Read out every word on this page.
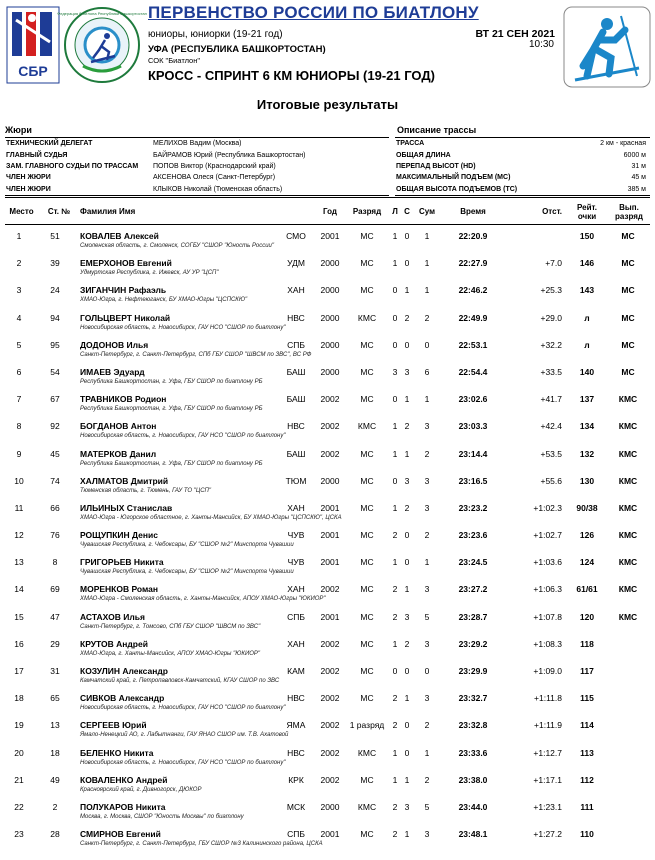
СБР
Федерация биатлона Республики Башкортостан ПЕРВЕНСТВО РОССИИ ПО БИАТЛОНУ
юниоры, юниорки (19-21 год)	ВТ 21 СЕН 2021
10:30
УФА (РЕСПУБЛИКА БАШКОРТОСТАН)
СОК "Биатлон"
КРОСС - СПРИНТ 6 КМ ЮНИОРЫ (19-21 ГОД)
Итоговые результаты
Жюри
ТЕХНИЧЕСКИЙ ДЕЛЕГАТ	МЕЛИХОВ Вадим (Москва)
ГЛАВНЫЙ СУДЬЯ	БАЙРАМОВ Юрий (Республика Башкортостан)
ЗАМ. ГЛАВНОГО СУДЬИ ПО ТРАССАМ	ПОПОВ Виктор (Краснодарский край)
ЧЛЕН ЖЮРИ	АКСЕНОВА Олеся (Санкт-Петербург)
ЧЛЕН ЖЮРИ	КЛЫКОВ Николай (Тюменская область)
Описание трассы
ТРАССА	2 км - красная
ОБЩАЯ ДЛИНА	6000 м
ПЕРЕПАД ВЫСОТ (HD)	31 м
МАКСИМАЛЬНЫЙ ПОДЪЕМ (MC)	45 м
ОБЩАЯ ВЫСОТА ПОДЪЕМОВ (TC)	385 м
Место	Ст. №	Фамилия Имя	Год	Разряд	Л С	Сум	Время	Отст.	Рейт. очки
Вып. разряд
1	51	КОВАЛЕВ Алексей
Смоленская область, г. Смоленск, СОГБУ "СШОР "Юность России"
СМО	2001	МС	1 0	1	22:20.9	150	МС
2	39	ЕМЕРХОНОВ Евгений
Удмуртская Республика, г. Ижевск, АУ УР "ЦСП"
УДМ	2000	МС	1 0	1	22:27.9	+7.0	146	МС
3	24	ЗИГАНЧИН Рафаэль
ХМАО-Югра, г. Нефтеюганск, БУ ХМАО-Югры "ЦСПСКЮ"
ХАН	2000	МС	0 1	1	22:46.2	+25.3	143	МС
4	94	ГОЛЬЦВЕРТ Николай
Новосибирская область, г. Новосибирск, ГАУ НСО "СШОР по биатлону"
НВС	2000	КМС	0 2	2	22:49.9	+29.0	л	МС
5	95	ДОДОНОВ Илья
Санкт-Петербург, г. Санкт-Петербург, СПб ГБУ СШОР "ШВСМ по ЗВС", ВС РФ
СПБ	2000	МС	0 0	0	22:53.1	+32.2	л	МС
6	54	ИМАЕВ Эдуард
Республика Башкортостан, г. Уфа, ГБУ СШОР по биатлону РБ
БАШ	2000	МС	3 3	6	22:54.4	+33.5	140	МС
7	67	ТРАВНИКОВ Родион
Республика Башкортостан, г. Уфа, ГБУ СШОР по биатлону РБ
БАШ	2002	МС	0 1	1	23:02.6	+41.7	137	КМС
8	92	БОГДАНОВ Антон
Новосибирская область, г. Новосибирск, ГАУ НСО "СШОР по биатлону"
НВС	2002	КМС	1 2	3	23:03.3	+42.4	134	КМС
9	45	МАТЕРКОВ Данил
Республика Башкортостан, г. Уфа, ГБУ СШОР по биатлону РБ
БАШ	2002	МС	1 1	2	23:14.4	+53.5	132	КМС
10	74	ХАЛМАТОВ Дмитрий
Тюменская область, г. Тюмень, ГАУ ТО "ЦСП"
ТЮМ	2000	МС	0 3	3	23:16.5	+55.6	130	КМС
11	66	ИЛЬИНЫХ Станислав
ХМАО-Югра - Югорское областное, г. Ханты-Мансийск, БУ ХМАО-Югры "ЦСПСКЮ", ЦСКА
ХАН	2001	МС	1 2	3	23:23.2	+1:02.3	90/38	КМС
12	76	РОЩУПКИН Денис
Чувашская Республика, г. Чебоксары, БУ "СШОР №2" Минспорта Чувашии
ЧУВ	2001	МС	2 0	2	23:23.6	+1:02.7	126	КМС
13	8	ГРИГОРЬЕВ Никита
Чувашская Республика, г. Чебоксары, БУ "СШОР №2" Минспорта Чувашии
ЧУВ	2001	МС	1 0	1	23:24.5	+1:03.6	124	КМС
14	69	МОРЕНКОВ Роман
ХМАО-Югра - Смоленская область, г. Ханты-Мансийск, АПОУ ХМАО-Югры "ЮКИОР"
ХАН	2002	МС	2 1	3	23:27.2	+1:06.3	61/61	КМС
15	47	АСТАХОВ Илья
Санкт-Петербург, г. Томсово, СПб ГБУ СШОР "ШВСМ по ЗВС"
СПБ	2001	МС	2 3	5	23:28.7	+1:07.8	120	КМС
16	29	КРУТОВ Андрей
ХМАО-Югра, г. Ханты-Мансийск, АПОУ ХМАО-Югры "ЮКИОР"
ХАН	2002	МС	1 2	3	23:29.2	+1:08.3	118
17	31	КОЗУЛИН Александр
Камчатский край, г. Петропавловск-Камчатский, КГАУ СШОР по ЗВС
КАМ	2002	МС	0 0	0	23:29.9	+1:09.0	117
18	65	СИВКОВ Александр
Новосибирская область, г. Новосибирск, ГАУ НСО "СШОР по биатлону"
НВС	2002	МС	2 1	3	23:32.7	+1:11.8	115
19	13	СЕРГЕЕВ Юрий
Ямало-Ненецкий АО, г. Лабытнанги, ГАУ ЯНАО СШОР им. Т.В. Ахатовой
ЯМА	2002	1 разряд 2 0	2	23:32.8	+1:11.9	114
20	18	БЕЛЕНКО Никита
Новосибирская область, г. Новосибирск, ГАУ НСО "СШОР по биатлону"
НВС	2002	КМС	1 0	1	23:33.6	+1:12.7	113
21	49	КОВАЛЕНКО Андрей
Красноярский край, г. Дивногорск, ДЮКОР
КРК	2002	МС	1 1	2	23:38.0	+1:17.1	112
22	2	ПОЛУКАРОВ Никита
Москва, г. Москва, СШОР "Юность Москвы" по биатлону
МСК	2000	КМС	2 3	5	23:44.0	+1:23.1	111
23	28	СМИРНОВ Евгений
Санкт-Петербург, г. Санкт-Петербург, ГБУ СШОР №3 Калининского района, ЦСКА
СПБ	2001	МС	2 1	3	23:48.1	+1:27.2	110
